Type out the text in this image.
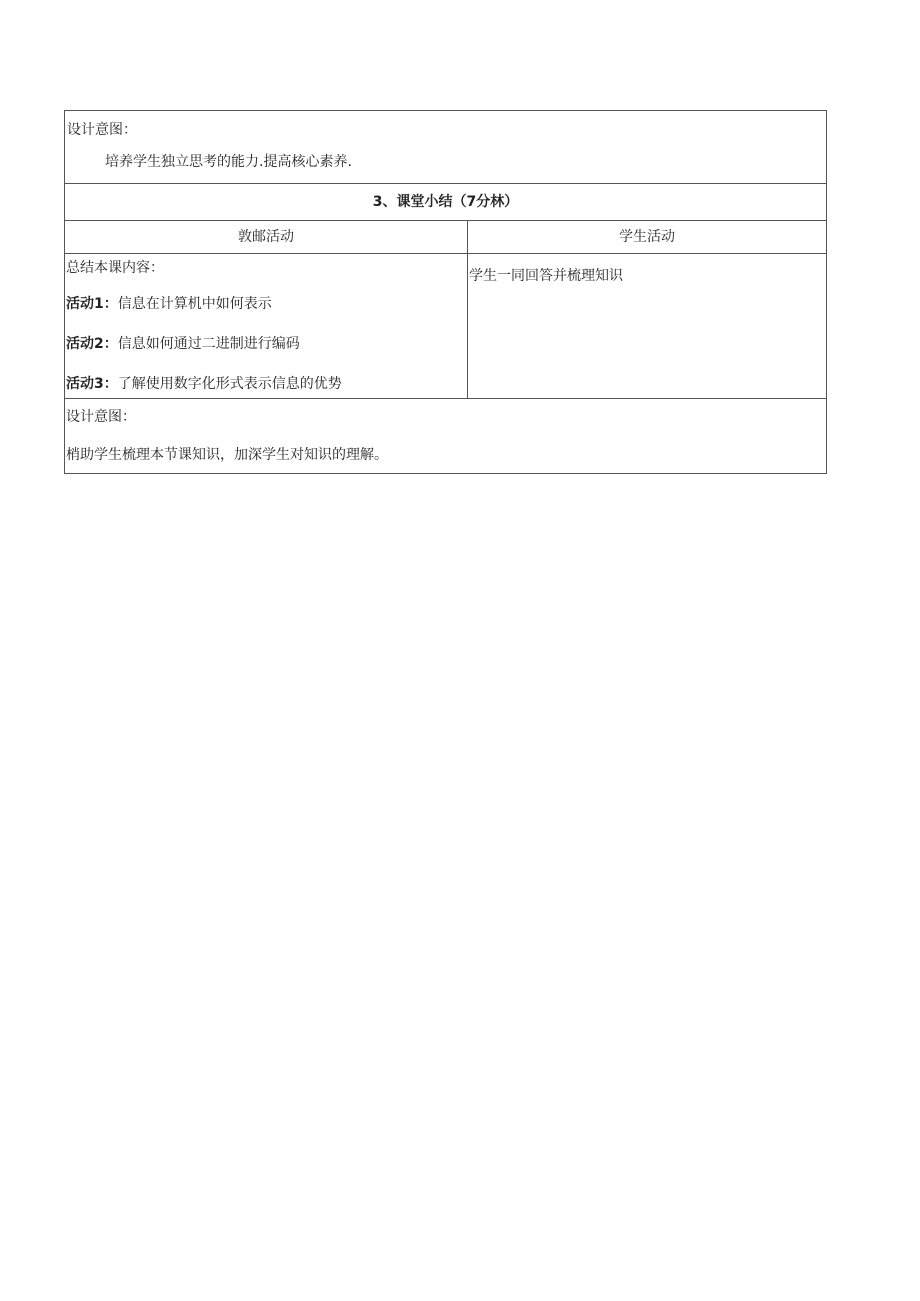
设计意图：
培养学生独立思考的能力.提高核心素养.	

3、课堂小结（7分林）	
敦邮活动	学生活动

总结本课内容：

活动1：信息在计算机中如何表示

活动2：信息如何通过二进制进行编码

活动3：了解使用数字化形式表示信息的优势	学生一同回答并梳理知识

设计意图：

梢助学生梳理本节课知识，加深学生对知识的理解。	
